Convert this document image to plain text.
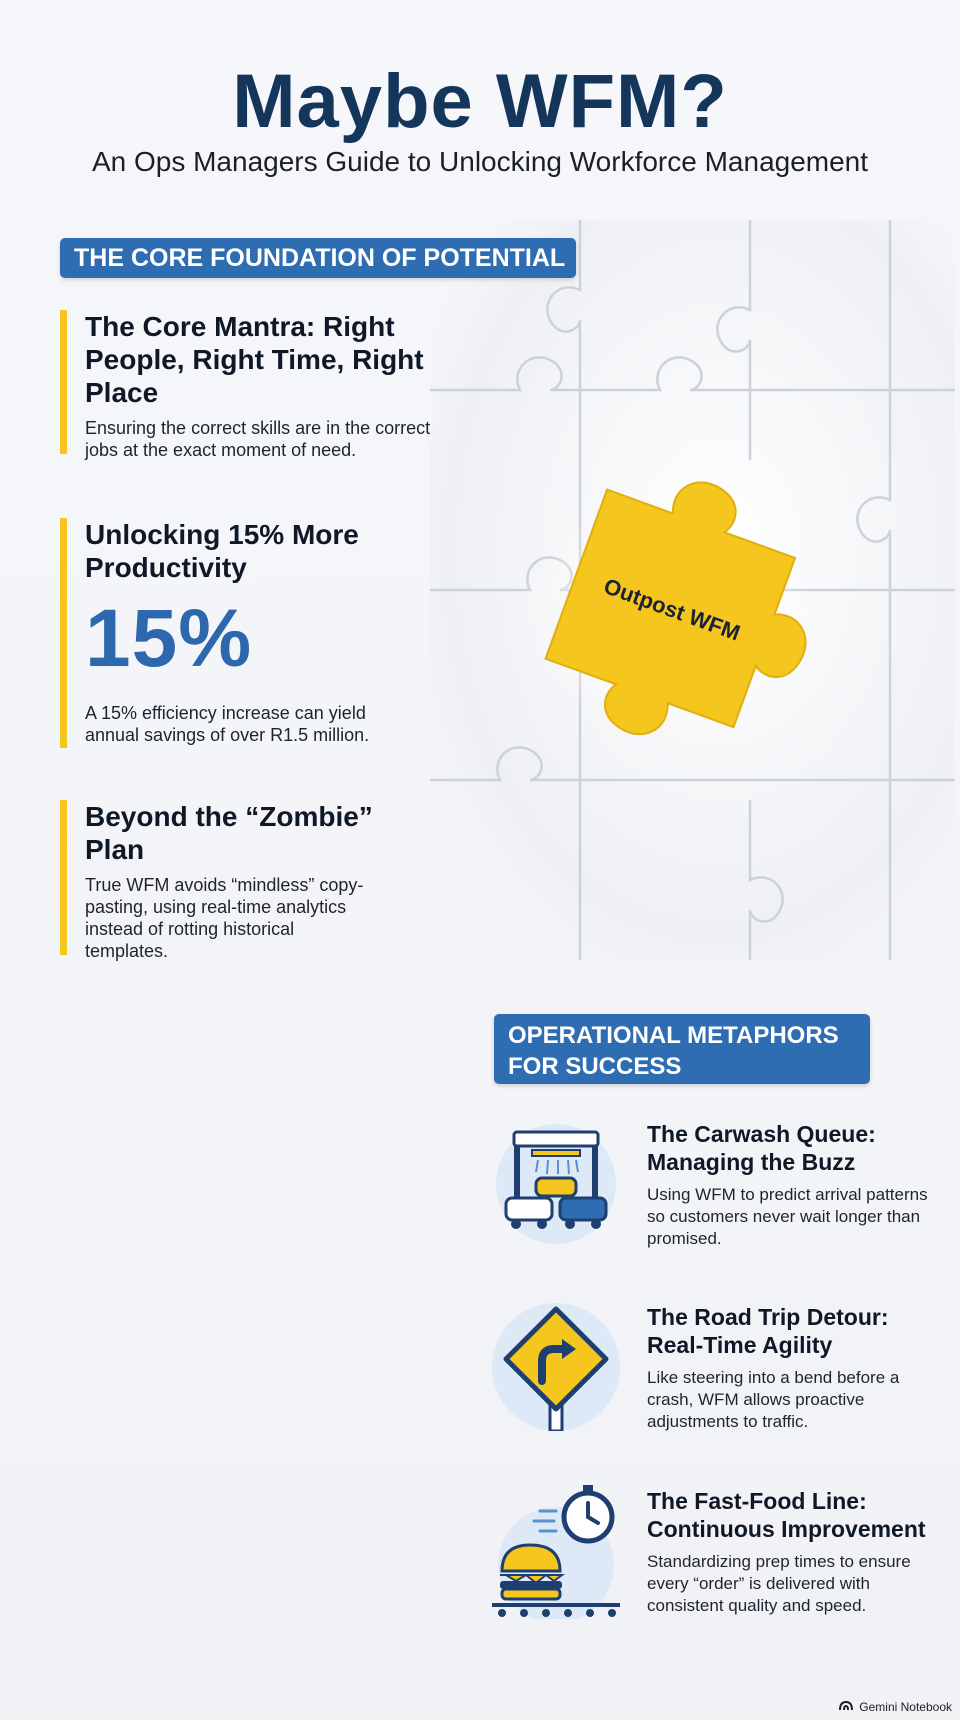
Maybe WFM?
An Ops Managers Guide to Unlocking Workforce Management
Outpost WFM
THE CORE FOUNDATION OF POTENTIAL
The Core Mantra: Right People, Right Time, Right Place
Ensuring the correct skills are in the correct jobs at the exact moment of need.
Unlocking 15% More Productivity
15%
A 15% efficiency increase can yield annual savings of over R1.5 million.
Beyond the “Zombie” Plan
True WFM avoids “mindless” copy-pasting, using real-time analytics instead of rotting historical templates.
OPERATIONAL METAPHORS FOR SUCCESS
The Carwash Queue: Managing the Buzz
Using WFM to predict arrival patterns so customers never wait longer than promised.
The Road Trip Detour: Real-Time Agility
Like steering into a bend before a crash, WFM allows proactive adjustments to traffic.
The Fast-Food Line: Continuous Improvement
Standardizing prep times to ensure every “order” is delivered with consistent quality and speed.
Gemini Notebook
